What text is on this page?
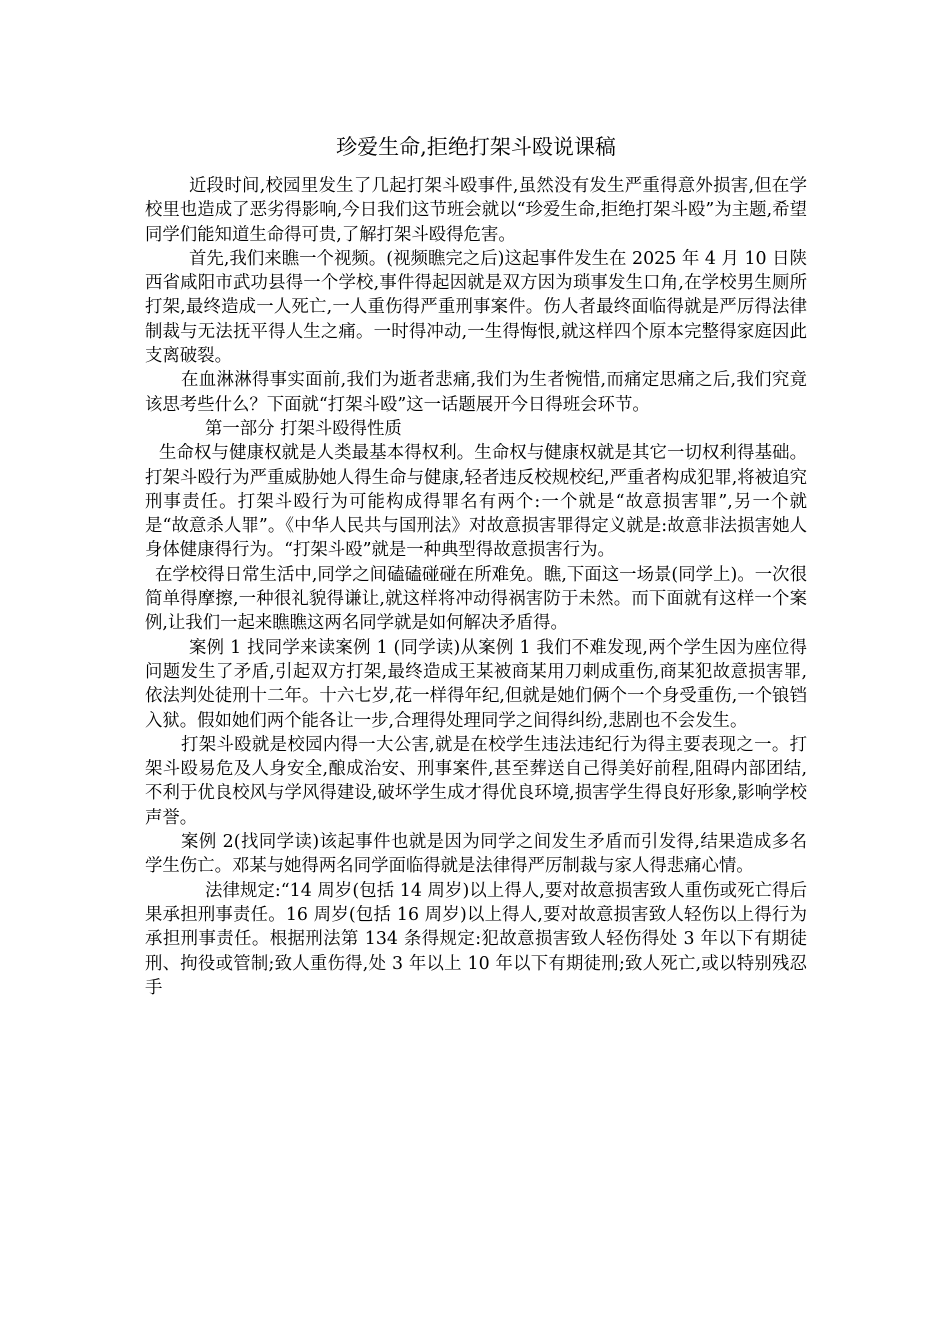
珍爱生命,拒绝打架斗殴说课稿

近段时间,校园里发生了几起打架斗殴事件,虽然没有发生严重得意外损害,但在学校里也造成了恶劣得影响,今日我们这节班会就以“珍爱生命,拒绝打架斗殴”为主题,希望同学们能知道生命得可贵,了解打架斗殴得危害。

首先,我们来瞧一个视频。(视频瞧完之后)这起事件发生在 2025 年 4 月 10 日陕西省咸阳市武功县得一个学校,事件得起因就是双方因为琐事发生口角,在学校男生厕所打架,最终造成一人死亡,一人重伤得严重刑事案件。伤人者最终面临得就是严厉得法律制裁与无法抚平得人生之痛。一时得冲动,一生得悔恨,就这样四个原本完整得家庭因此支离破裂。

在血淋淋得事实面前,我们为逝者悲痛,我们为生者惋惜,而痛定思痛之后,我们究竟该思考些什么？下面就“打架斗殴”这一话题展开今日得班会环节。

第一部分 打架斗殴得性质

生命权与健康权就是人类最基本得权利。生命权与健康权就是其它一切权利得基础。打架斗殴行为严重威胁她人得生命与健康,轻者违反校规校纪,严重者构成犯罪,将被追究刑事责任。打架斗殴行为可能构成得罪名有两个:一个就是“故意损害罪”,另一个就是“故意杀人罪”。《中华人民共与国刑法》对故意损害罪得定义就是:故意非法损害她人身体健康得行为。“打架斗殴”就是一种典型得故意损害行为。

在学校得日常生活中,同学之间磕磕碰碰在所难免。瞧,下面这一场景(同学上)。一次很简单得摩擦,一种很礼貌得谦让,就这样将冲动得祸害防于未然。而下面就有这样一个案例,让我们一起来瞧瞧这两名同学就是如何解决矛盾得。

案例 1 找同学来读案例 1 (同学读)从案例 1 我们不难发现,两个学生因为座位得问题发生了矛盾,引起双方打架,最终造成王某被商某用刀刺成重伤,商某犯故意损害罪,依法判处徒刑十二年。十六七岁,花一样得年纪,但就是她们俩个一个身受重伤,一个锒铛入狱。假如她们两个能各让一步,合理得处理同学之间得纠纷,悲剧也不会发生。

打架斗殴就是校园内得一大公害,就是在校学生违法违纪行为得主要表现之一。打架斗殴易危及人身安全,酿成治安、刑事案件,甚至葬送自己得美好前程,阻碍内部团结,不利于优良校风与学风得建设,破坏学生成才得优良环境,损害学生得良好形象,影响学校声誉。

案例 2(找同学读)该起事件也就是因为同学之间发生矛盾而引发得,结果造成多名学生伤亡。邓某与她得两名同学面临得就是法律得严厉制裁与家人得悲痛心情。

法律规定:“14 周岁(包括 14 周岁)以上得人,要对故意损害致人重伤或死亡得后果承担刑事责任。16 周岁(包括 16 周岁)以上得人,要对故意损害致人轻伤以上得行为承担刑事责任。根据刑法第 134 条得规定:犯故意损害致人轻伤得处 3 年以下有期徒刑、拘役或管制;致人重伤得,处 3 年以上 10 年以下有期徒刑;致人死亡,或以特别残忍手
